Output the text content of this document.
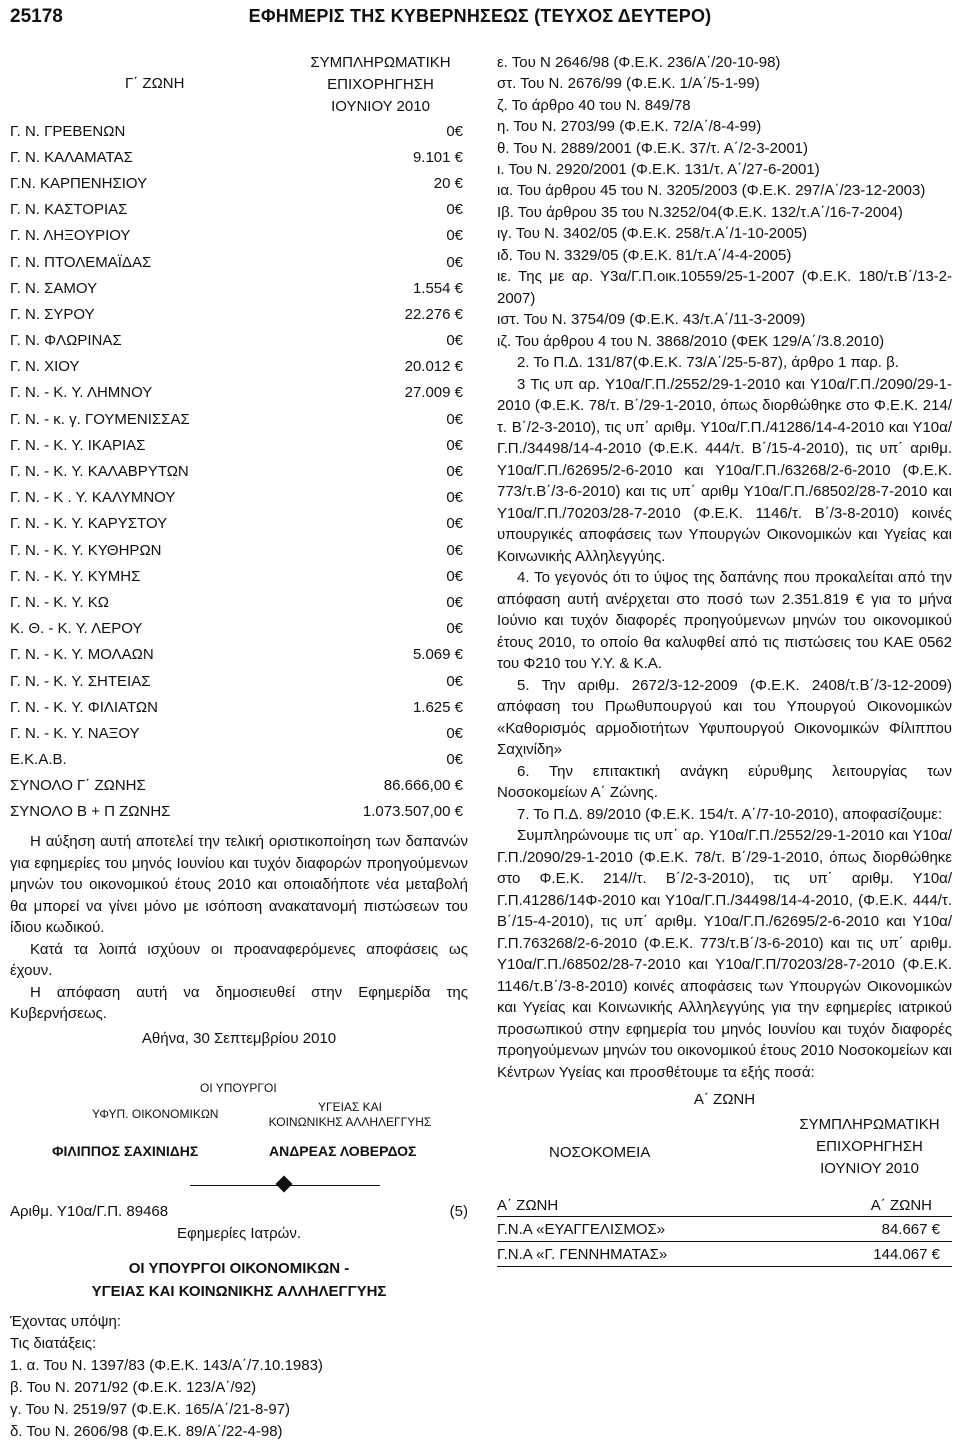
ΕΦΗΜΕΡΙΣ ΤΗΣ ΚΥΒΕΡΝΗΣΕΩΣ (ΤΕΥΧΟΣ ΔΕΥΤΕΡΟ)
25178
Γ΄ ΖΩΝΗ
ΣΥΜΠΛΗΡΩΜΑΤΙΚΗ
ΕΠΙΧΟΡΗΓΗΣΗ
ΙΟΥΝΙΟΥ 2010
Γ. Ν. ΓΡΕΒΕΝΩΝ	0€
Γ. Ν. ΚΑΛΑΜΑΤΑΣ	9.101 €
Γ.Ν. ΚΑΡΠΕΝΗΣΙΟΥ	20 €
Γ. Ν. ΚΑΣΤΟΡΙΑΣ	0€
Γ. Ν. ΛΗΞΟΥΡΙΟΥ	0€
Γ. Ν. ΠΤΟΛΕΜΑΪΔΑΣ	0€
Γ. Ν. ΣΑΜΟΥ	1.554 €
Γ. Ν. ΣΥΡΟΥ	22.276 €
Γ. Ν. ΦΛΩΡΙΝΑΣ	0€
Γ. Ν. ΧΙΟΥ	20.012 €
Γ. Ν. - Κ. Υ. ΛΗΜΝΟΥ	27.009 €
Γ. Ν. - κ. γ. ΓΟΥΜΕΝΙΣΣΑΣ	0€
Γ. Ν. - Κ. Υ. ΙΚΑΡΙΑΣ	0€
Γ. Ν. - Κ. Υ. ΚΑΛΑΒΡΥΤΩΝ	0€
Γ. Ν. - Κ . Υ. ΚΑΛΥΜΝΟΥ	0€
Γ. Ν. - Κ. Υ. ΚΑΡΥΣΤΟΥ	0€
Γ. Ν. - Κ. Υ. ΚΥΘΗΡΩΝ	0€
Γ. Ν. - Κ. Υ. ΚΥΜΗΣ	0€
Γ. Ν. - Κ. Υ. ΚΩ	0€
Κ. Θ. - Κ. Υ. ΛΕΡΟΥ	0€
Γ. Ν. - Κ. Υ. ΜΟΛΑΩΝ	5.069 €
Γ. Ν. - Κ. Υ. ΣΗΤΕΙΑΣ	0€
Γ. Ν. - Κ. Υ. ΦΙΛΙΑΤΩΝ	1.625 €
Γ. Ν. - Κ. Υ. ΝΑΞΟΥ	0€
Ε.Κ.Α.Β.	0€
ΣΥΝΟΛΟ Γ΄ ΖΩΝΗΣ	86.666,00 €
ΣΥΝΟΛΟ Β + Π ΖΩΝΗΣ	1.073.507,00 €

Η αύξηση αυτή αποτελεί την τελική οριστικοποίηση των δαπανών για εφημερίες του μηνός Ιουνίου και τυχόν διαφορών προηγούμενων μηνών του οικονομικού έτους 2010 και οποιαδήποτε νέα μεταβολή θα μπορεί να γίνει μόνο με ισόποση ανακατανομή πιστώσεων του ίδιου κωδικού.

Κατά τα λοιπά ισχύουν οι προαναφερόμενες αποφάσεις ως έχουν.

Η απόφαση αυτή να δημοσιευθεί στην Εφημερίδα της Κυβερνήσεως.

Αθήνα, 30 Σεπτεμβρίου 2010
ΟΙ ΥΠΟΥΡΓΟΙ
ΥΦΥΠ. ΟΙΚΟΝΟΜΙΚΩΝ	ΥΓΕΙΑΣ ΚΑΙ
ΚΟΙΝΩΝΙΚΗΣ ΑΛΛΗΛΕΓΓΥΗΣ
ΦΙΛΙΠΠΟΣ ΣΑΧΙΝΙΔΗΣ	ΑΝΔΡΕΑΣ ΛΟΒΕΡΔΟΣ
Αριθμ. Υ10α/Γ.Π. 89468	(5)
Εφημερίες Ιατρών.
ΟΙ ΥΠΟΥΡΓΟΙ ΟΙΚΟΝΟΜΙΚΩΝ -
ΥΓΕΙΑΣ ΚΑΙ ΚΟΙΝΩΝΙΚΗΣ ΑΛΛΗΛΕΓΓΥΗΣ
Έχοντας υπόψη:
Τις διατάξεις:
1. α. Του Ν. 1397/83 (Φ.Ε.Κ. 143/Α΄/7.10.1983)
β. Του Ν. 2071/92 (Φ.Ε.Κ. 123/Α΄/92)
γ. Του Ν. 2519/97 (Φ.Ε.Κ. 165/Α΄/21-8-97)
δ. Του Ν. 2606/98 (Φ.Ε.Κ. 89/Α΄/22-4-98)
ε. Του Ν 2646/98 (Φ.Ε.Κ. 236/Α΄/20-10-98)
στ. Του Ν. 2676/99 (Φ.Ε.Κ. 1/Α΄/5-1-99)
ζ. Το άρθρο 40 του Ν. 849/78
η. Του Ν. 2703/99 (Φ.Ε.Κ. 72/Α΄/8-4-99)
θ. Του Ν. 2889/2001 (Φ.Ε.Κ. 37/τ. Α΄/2-3-2001)
ι. Του Ν. 2920/2001 (Φ.Ε.Κ. 131/τ. Α΄/27-6-2001)

ια. Του άρθρου 45 του Ν. 3205/2003 (Φ.Ε.Κ. 297/Α΄/23-12-2003)

Ιβ. Του άρθρου 35 του Ν.3252/04(Φ.Ε.Κ. 132/τ.Α΄/16-7-2004)

ιγ. Του Ν. 3402/05 (Φ.Ε.Κ. 258/τ.Α΄/1-10-2005)
ιδ. Του Ν. 3329/05 (Φ.Ε.Κ. 81/τ.Α΄/4-4-2005)

ιε. Της με αρ. Υ3α/Γ.Π.οικ.10559/25-1-2007 (Φ.Ε.Κ. 180/τ.Β΄/13-2-2007)

ιστ. Του Ν. 3754/09 (Φ.Ε.Κ. 43/τ.Α΄/11-3-2009)
ιζ. Του άρθρου 4 του Ν. 3868/2010 (ΦΕΚ 129/Α΄/3.8.2010)

2. Το Π.Δ. 131/87(Φ.Ε.Κ. 73/Α΄/25-5-87), άρθρο 1 παρ. β.

3 Τις υπ αρ. Υ10α/Γ.Π./2552/29-1-2010 και Υ10α/Γ.Π./2090/29-1-2010 (Φ.Ε.Κ. 78/τ. Β΄/29-1-2010, όπως διορθώθηκε στο Φ.Ε.Κ. 214/τ. Β΄/2-3-2010), τις υπ΄ αριθμ. Υ10α/Γ.Π./41286/14-4-2010 και Υ10α/Γ.Π./34498/14-4-2010 (Φ.Ε.Κ. 444/τ. Β΄/15-4-2010), τις υπ΄ αριθμ. Υ10α/Γ.Π./62695/2-6-2010 και Υ10α/Γ.Π./63268/2-6-2010 (Φ.Ε.Κ. 773/τ.Β΄/3-6-2010) και τις υπ΄ αριθμ Υ10α/Γ.Π./68502/28-7-2010 και Υ10α/Γ.Π./70203/28-7-2010 (Φ.Ε.Κ. 1146/τ. Β΄/3-8-2010) κοινές υπουργικές αποφάσεις των Υπουργών Οικονομικών και Υγείας και Κοινωνικής Αλληλεγγύης.

4. Το γεγονός ότι το ύψος της δαπάνης που προκαλείται από την απόφαση αυτή ανέρχεται στο ποσό των 2.351.819 € για το μήνα Ιούνιο και τυχόν διαφορές προηγούμενων μηνών του οικονομικού έτους 2010, το οποίο θα καλυφθεί από τις πιστώσεις του ΚΑΕ 0562 του Φ210 του Υ.Υ. & Κ.Α.

5. Την αριθμ. 2672/3-12-2009 (Φ.Ε.Κ. 2408/τ.Β΄/3-12-2009) απόφαση του Πρωθυπουργού και του Υπουργού Οικονομικών «Καθορισμός αρμοδιοτήτων Υφυπουργού Οικονομικών Φίλιππου Σαχινίδη»

6. Την επιτακτική ανάγκη εύρυθμης λειτουργίας των Νοσοκομείων Α΄ Ζώνης.

7. Το Π.Δ. 89/2010 (Φ.Ε.Κ. 154/τ. Α΄/7-10-2010), αποφασίζουμε:

Συμπληρώνουμε τις υπ΄ αρ. Υ10α/Γ.Π./2552/29-1-2010 και Υ10α/Γ.Π./2090/29-1-2010 (Φ.Ε.Κ. 78/τ. Β΄/29-1-2010, όπως διορθώθηκε στο Φ.Ε.Κ. 214//τ. Β΄/2-3-2010), τις υπ΄ αριθμ. Υ10α/Γ.Π.41286/14Φ-2010 και Υ10α/Γ.Π./34498/14-4-2010, (Φ.Ε.Κ. 444/τ. Β΄/15-4-2010), τις υπ΄ αριθμ. Υ10α/Γ.Π./62695/2-6-2010 και Υ10α/Γ.Π.763268/2-6-2010 (Φ.Ε.Κ. 773/τ.Β΄/3-6-2010) και τις υπ΄ αριθμ. Υ10α/Γ.Π./68502/28-7-2010 και Υ10α/Γ.Π/70203/28-7-2010 (Φ.Ε.Κ. 1146/τ.Β΄/3-8-2010) κοινές αποφάσεις των Υπουργών Οικονομικών και Υγείας και Κοινωνικής Αλληλεγγύης για την εφημερίες ιατρικού προσωπικού στην εφημερία του μηνός Ιουνίου και τυχόν διαφορές προηγούμενων μηνών του οικονομικού έτους 2010 Νοσοκομείων και Κέντρων Υγείας και προσθέτουμε τα εξής ποσά:

Α΄ ΖΩΝΗ
ΝΟΣΟΚΟΜΕΙΑ
ΣΥΜΠΛΗΡΩΜΑΤΙΚΗ
ΕΠΙΧΟΡΗΓΗΣΗ
ΙΟΥΝΙΟΥ 2010
Α΄ ΖΩΝΗ	Α΄ ΖΩΝΗ
Γ.Ν.Α «ΕΥΑΓΓΕΛΙΣΜΟΣ»	84.667 €
Γ.Ν.Α «Γ. ΓΕΝΝΗΜΑΤΑΣ»	144.067 €
